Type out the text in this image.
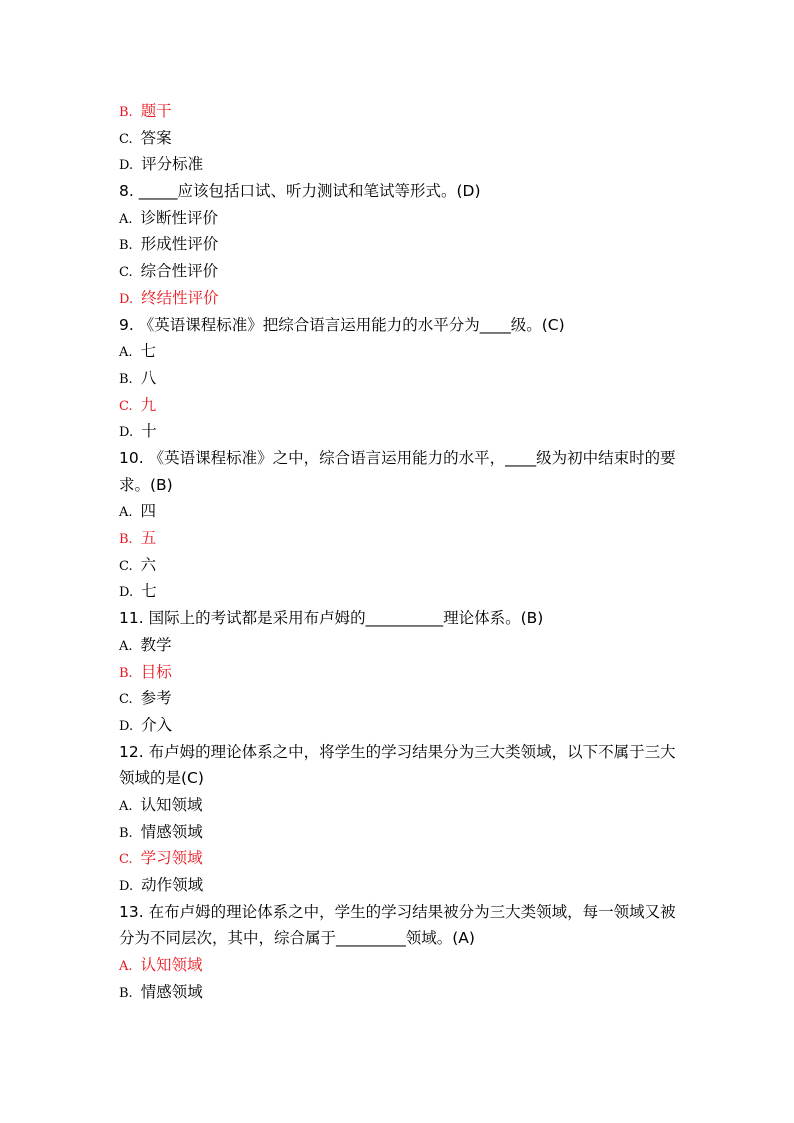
B. 题干
C. 答案
D. 评分标准
8. _____应该包括口试、听力测试和笔试等形式。(D)
A. 诊断性评价
B. 形成性评价
C. 综合性评价
D. 终结性评价
9. 《英语课程标准》把综合语言运用能力的水平分为____级。(C)
A. 七
B. 八
C. 九
D. 十
10. 《英语课程标准》之中，综合语言运用能力的水平，____级为初中结束时的要求。(B)
A. 四
B. 五
C. 六
D. 七
11. 国际上的考试都是采用布卢姆的__________理论体系。(B)
A. 教学
B. 目标
C. 参考
D. 介入
12. 布卢姆的理论体系之中，将学生的学习结果分为三大类领域，以下不属于三大领域的是(C)
A. 认知领域
B. 情感领域
C. 学习领域
D. 动作领域
13. 在布卢姆的理论体系之中，学生的学习结果被分为三大类领域，每一领域又被分为不同层次，其中，综合属于_________领域。(A)
A. 认知领域
B. 情感领域
